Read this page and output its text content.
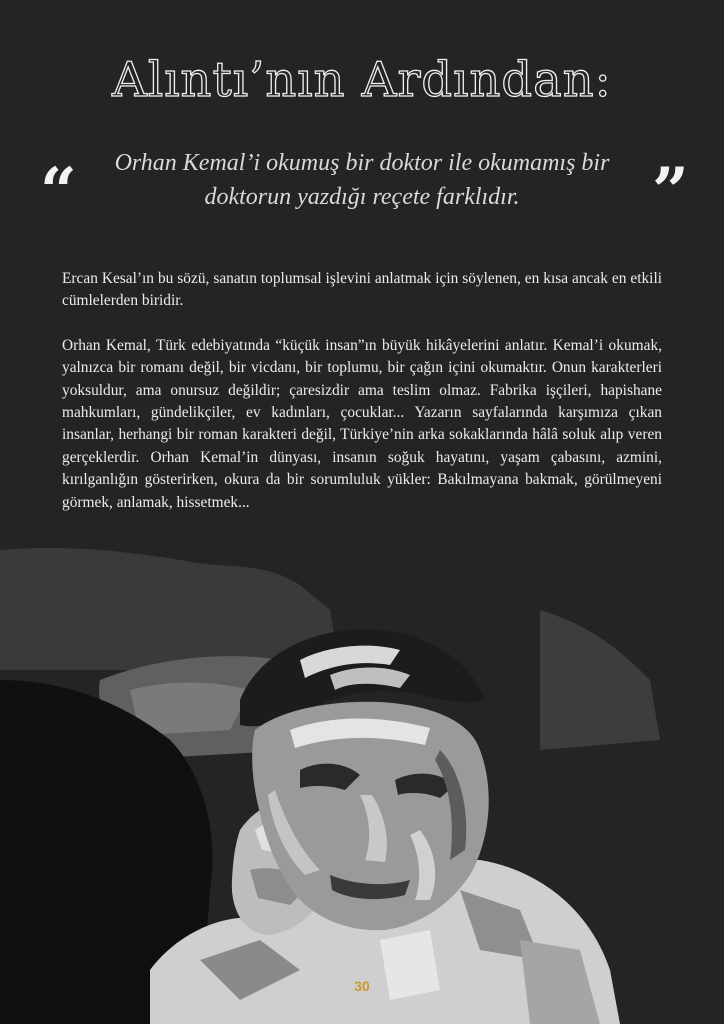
Alıntı’nın Ardından:
“	Orhan Kemal’i okumuş bir doktor ile okumamış bir doktorun yazdığı reçete farklıdır.	”

Ercan Kesal’ın bu sözü, sanatın toplumsal işlevini anlatmak için söylenen, en kısa ancak en etkili cümlelerden biridir.

Orhan Kemal, Türk edebiyatında “küçük insan”ın büyük hikâyelerini anlatır. Kemal’i okumak, yalnızca bir romanı değil, bir vicdanı, bir toplumu, bir çağın içini okumaktır. Onun karakterleri yoksuldur, ama onursuz değildir; çaresizdir ama teslim olmaz. Fabrika işçileri, hapishane mahkumları, gündelikçiler, ev kadınları, çocuklar... Yazarın sayfalarında karşımıza çıkan insanlar, herhangi bir roman karakteri değil, Türkiye’nin arka sokaklarında hâlâ soluk alıp veren gerçeklerdir. Orhan Kemal’in dünyası, insanın soğuk hayatını, yaşam çabasını, azmini, kırılganlığın gösterirken, okura da bir sorumluluk yükler: Bakılmayana bakmak, görülmeyeni görmek, anlamak, hissetmek...

30
